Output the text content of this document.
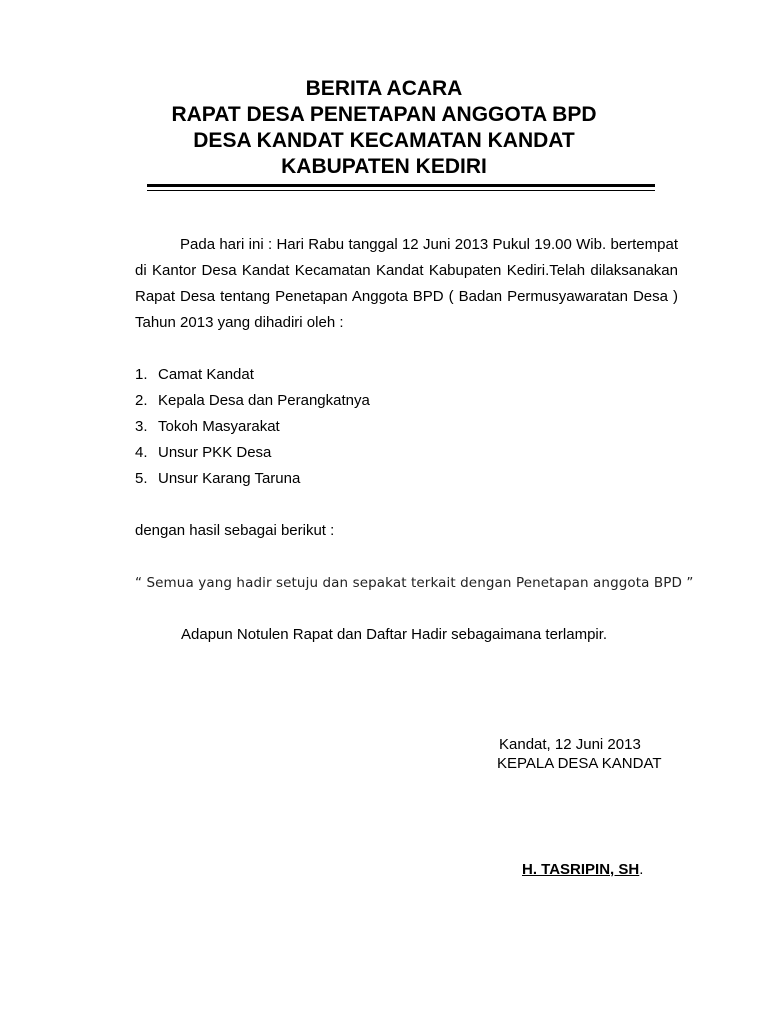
BERITA ACARA
RAPAT DESA PENETAPAN ANGGOTA BPD
DESA KANDAT KECAMATAN KANDAT
KABUPATEN KEDIRI
Pada hari ini : Hari Rabu tanggal 12 Juni 2013 Pukul 19.00 Wib. bertempat di Kantor Desa Kandat Kecamatan Kandat Kabupaten Kediri.Telah dilaksanakan Rapat Desa tentang Penetapan Anggota BPD ( Badan Permusyawaratan Desa ) Tahun 2013 yang dihadiri oleh :
1. Camat Kandat
2. Kepala Desa dan Perangkatnya
3. Tokoh Masyarakat
4. Unsur PKK Desa
5. Unsur Karang Taruna
dengan hasil sebagai berikut :
“ Semua yang hadir setuju dan sepakat terkait dengan Penetapan anggota BPD ”
Adapun Notulen Rapat dan Daftar Hadir sebagaimana terlampir.
Kandat, 12 Juni 2013
KEPALA DESA KANDAT
H. TASRIPIN, SH.
